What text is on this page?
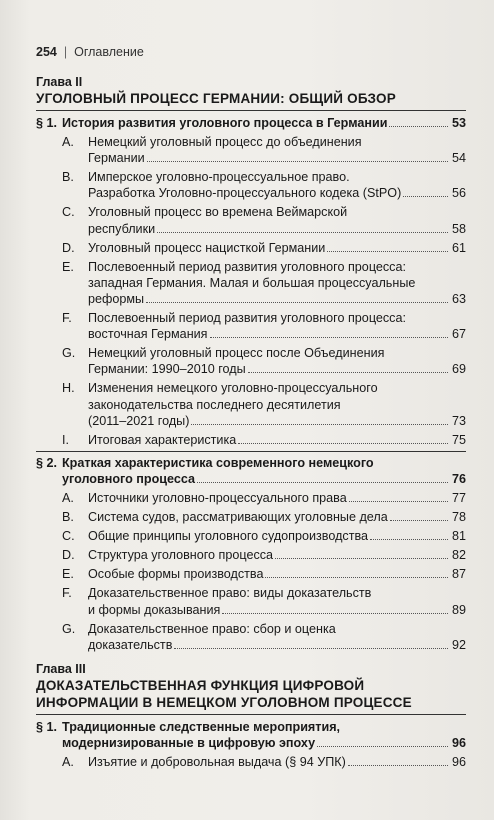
254 | Оглавление
Глава II
УГОЛОВНЫЙ ПРОЦЕСС ГЕРМАНИИ: ОБЩИЙ ОБЗОР
§ 1. История развития уголовного процесса в Германии	53
A.	Немецкий уголовный процесс до объединения
Германии	54
B.	Имперское уголовно-процессуальное право.
Разработка Уголовно-процессуального кодека (StPO)	56
C.	Уголовный процесс во времена Веймарской
республики	58
D.	Уголовный процесс нацисткой Германии	61
E.	Послевоенный период развития уголовного процесса:
западная Германия. Малая и большая процессуальные
реформы	63
F.	Послевоенный период развития уголовного процесса:
восточная Германия	67
G.	Немецкий уголовный процесс после Объединения
Германии: 1990–2010 годы	69
H.	Изменения немецкого уголовно-процессуального
законодательства последнего десятилетия
(2011–2021 годы)	73
I.	Итоговая характеристика	75
§ 2. Краткая характеристика современного немецкого
уголовного процесса	76
A.	Источники уголовно-процессуального права	77
B.	Система судов, рассматривающих уголовные дела	78
C.	Общие принципы уголовного судопроизводства	81
D.	Структура уголовного процесса	82
E.	Особые формы производства	87
F.	Доказательственное право: виды доказательств
и формы доказывания	89
G.	Доказательственное право: сбор и оценка
доказательств	92
Глава III
ДОКАЗАТЕЛЬСТВЕННАЯ ФУНКЦИЯ ЦИФРОВОЙ
ИНФОРМАЦИИ В НЕМЕЦКОМ УГОЛОВНОМ ПРОЦЕССЕ
§ 1. Традиционные следственные мероприятия,
модернизированные в цифровую эпоху	96
A.	Изъятие и добровольная выдача (§ 94 УПК)	96
